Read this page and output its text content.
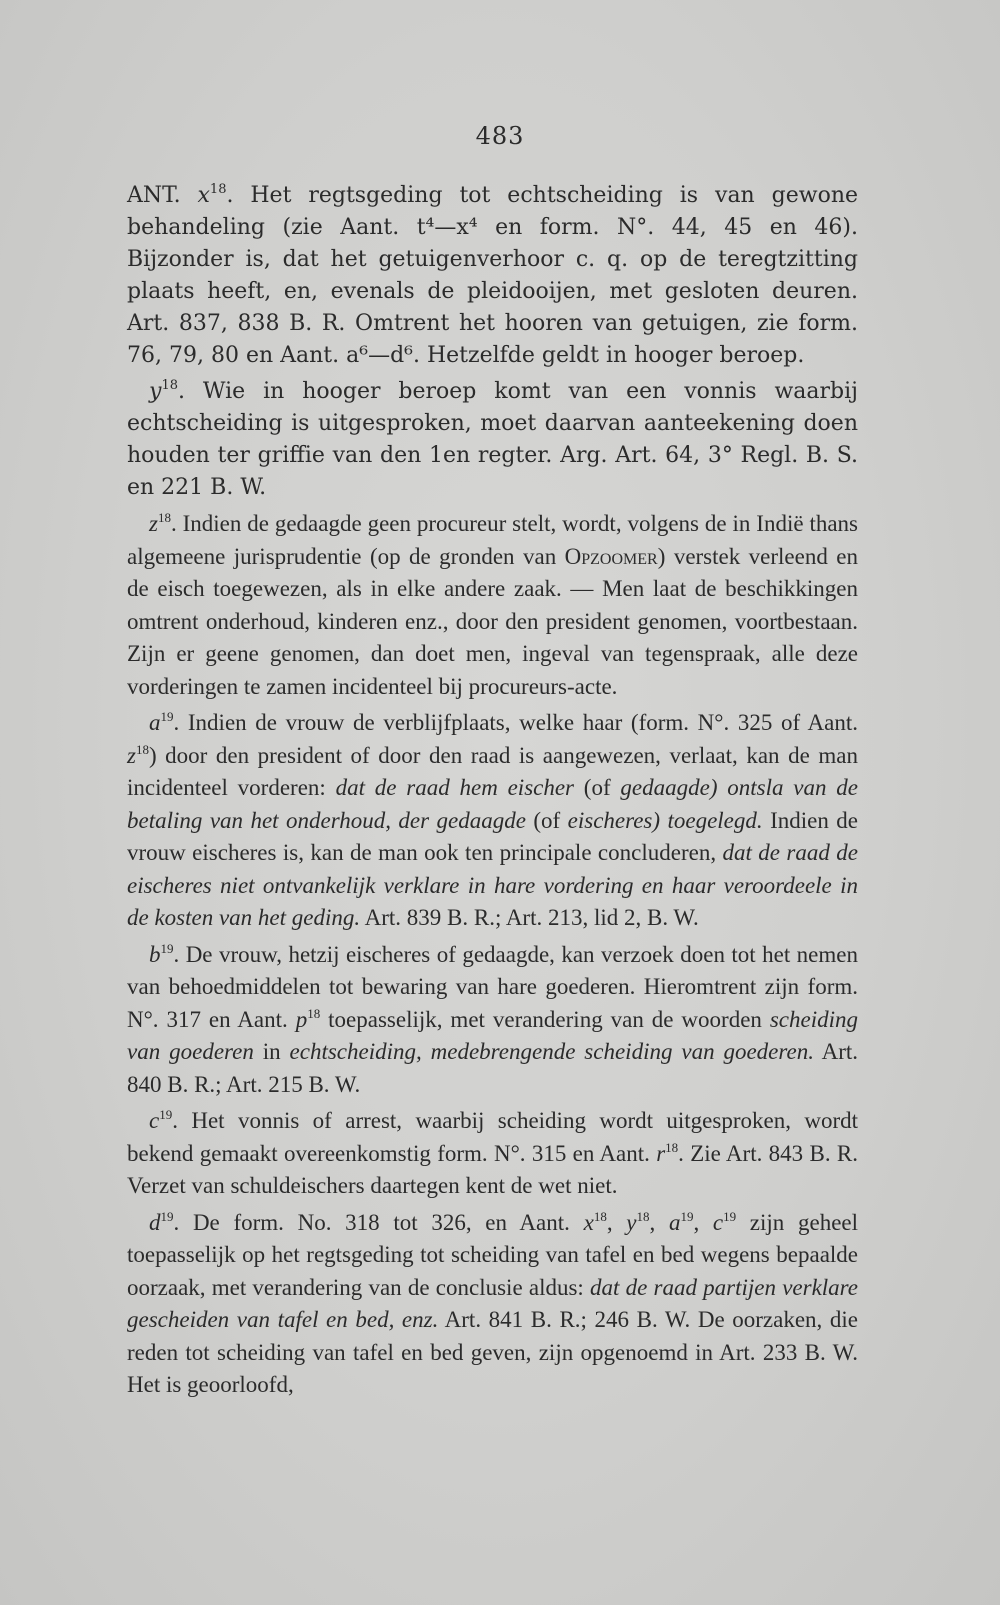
483

ANT. $x^{18}$. Het regtsgeding tot echtscheiding is van gewone behandeling (zie Aant. t⁴—x⁴ en form. N°. 44, 45 en 46). Bijzonder is, dat het getuigenverhoor c. q. op de teregtzitting plaats heeft, en, evenals de pleidooijen, met gesloten deuren. Art. 837, 838 B. R. Omtrent het hooren van getuigen, zie form. 76, 79, 80 en Aant. a⁶—d⁶. Hetzelfde geldt in hooger beroep.

$y^{18}$. Wie in hooger beroep komt van een vonnis waarbij echtscheiding is uitgesproken, moet daarvan aanteekening doen houden ter griffie van den 1en regter. Arg. Art. 64, 3° Regl. B. S. en 221 B. W.

$z^{18}$. Indien de gedaagde geen procureur stelt, wordt, volgens de in Indië thans algemeene jurisprudentie (op de gronden van Opzoomer) verstek verleend en de eisch toegewezen, als in elke andere zaak. — Men laat de beschikkingen omtrent onderhoud, kinderen enz., door den president genomen, voortbestaan. Zijn er geene genomen, dan doet men, ingeval van tegenspraak, alle deze vorderingen te zamen incidenteel bij procureurs-acte.

$a^{19}$. Indien de vrouw de verblijfplaats, welke haar (form. N°. 325 of Aant. $z^{18}$) door den president of door den raad is aangewezen, verlaat, kan de man incidenteel vorderen: dat de raad hem eischer (of gedaagde) ontsla van de betaling van het onderhoud, der gedaagde (of eischeres) toegelegd. Indien de vrouw eischeres is, kan de man ook ten principale concluderen, dat de raad de eischeres niet ontvankelijk verklare in hare vordering en haar veroordeele in de kosten van het geding. Art. 839 B. R.; Art. 213, lid 2, B. W.

$b^{19}$. De vrouw, hetzij eischeres of gedaagde, kan verzoek doen tot het nemen van behoedmiddelen tot bewaring van hare goederen. Hieromtrent zijn form. N°. 317 en Aant. $p^{18}$ toepasselijk, met verandering van de woorden scheiding van goederen in echtscheiding, medebrengende scheiding van goederen. Art. 840 B. R.; Art. 215 B. W.

$c^{19}$. Het vonnis of arrest, waarbij scheiding wordt uitgesproken, wordt bekend gemaakt overeenkomstig form. N°. 315 en Aant. $r^{18}$. Zie Art. 843 B. R. Verzet van schuldeischers daartegen kent de wet niet.

$d^{19}$. De form. No. 318 tot 326, en Aant. $x^{18}$, $y^{18}$, $a^{19}$, $c^{19}$ zijn geheel toepasselijk op het regtsgeding tot scheiding van tafel en bed wegens bepaalde oorzaak, met verandering van de conclusie aldus: dat de raad partijen verklare gescheiden van tafel en bed, enz. Art. 841 B. R.; 246 B. W. De oorzaken, die reden tot scheiding van tafel en bed geven, zijn opgenoemd in Art. 233 B. W. Het is geoorloofd,
